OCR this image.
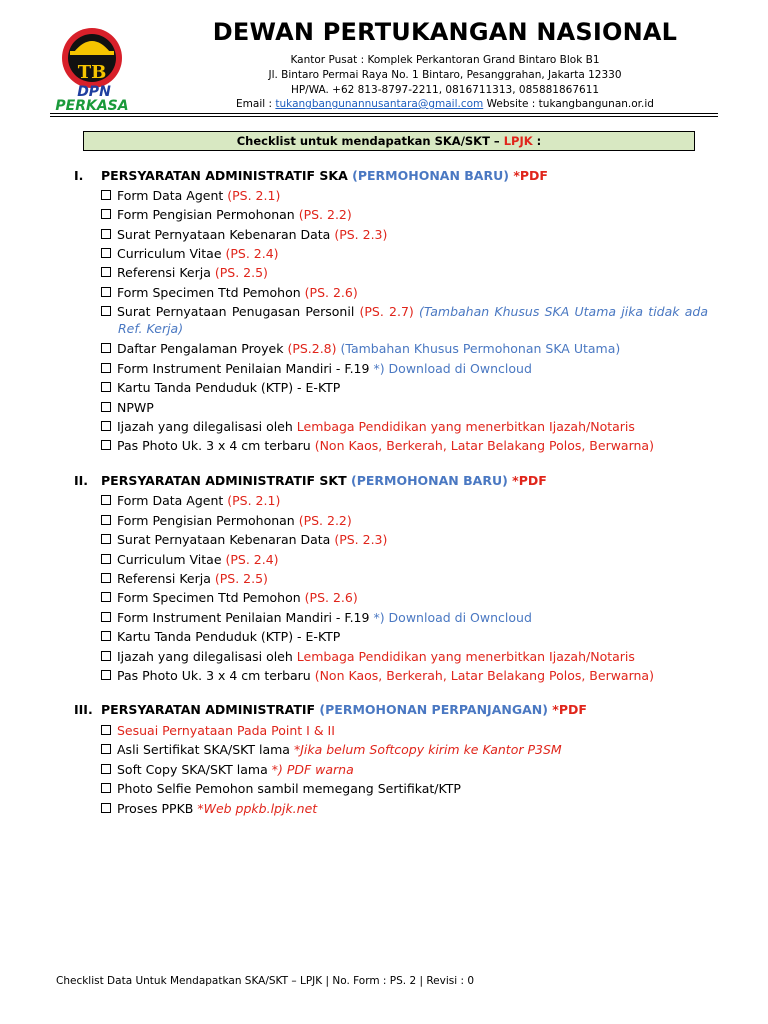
TB
DPN
PERKASA
DEWAN PERTUKANGAN NASIONAL
Kantor Pusat : Komplek Perkantoran Grand Bintaro Blok B1
Jl. Bintaro Permai Raya No. 1 Bintaro, Pesanggrahan, Jakarta 12330
HP/WA. +62 813-8797-2211, 0816711313, 085881867611
Email : tukangbangunannusantara@gmail.com Website : tukangbangunan.or.id
Checklist untuk mendapatkan SKA/SKT – LPJK :
I. PERSYARATAN ADMINISTRATIF SKA (PERMOHONAN BARU) *PDF
Form Data Agent (PS. 2.1)
Form Pengisian Permohonan (PS. 2.2)
Surat Pernyataan Kebenaran Data (PS. 2.3)
Curriculum Vitae (PS. 2.4)
Referensi Kerja (PS. 2.5)
Form Specimen Ttd Pemohon (PS. 2.6)
Surat Pernyataan Penugasan Personil (PS. 2.7) (Tambahan Khusus SKA Utama jika tidak ada Ref. Kerja)
Daftar Pengalaman Proyek (PS.2.8) (Tambahan Khusus Permohonan SKA Utama)
Form Instrument Penilaian Mandiri - F.19 *) Download di Owncloud
Kartu Tanda Penduduk (KTP) - E-KTP
NPWP
Ijazah yang dilegalisasi oleh Lembaga Pendidikan yang menerbitkan Ijazah/Notaris
Pas Photo Uk. 3 x 4 cm terbaru (Non Kaos, Berkerah, Latar Belakang Polos, Berwarna)
II. PERSYARATAN ADMINISTRATIF SKT (PERMOHONAN BARU) *PDF
Form Data Agent (PS. 2.1)
Form Pengisian Permohonan (PS. 2.2)
Surat Pernyataan Kebenaran Data (PS. 2.3)
Curriculum Vitae (PS. 2.4)
Referensi Kerja (PS. 2.5)
Form Specimen Ttd Pemohon (PS. 2.6)
Form Instrument Penilaian Mandiri - F.19 *) Download di Owncloud
Kartu Tanda Penduduk (KTP) - E-KTP
Ijazah yang dilegalisasi oleh Lembaga Pendidikan yang menerbitkan Ijazah/Notaris
Pas Photo Uk. 3 x 4 cm terbaru (Non Kaos, Berkerah, Latar Belakang Polos, Berwarna)
III. PERSYARATAN ADMINISTRATIF (PERMOHONAN PERPANJANGAN) *PDF
Sesuai Pernyataan Pada Point I & II
Asli Sertifikat SKA/SKT lama *Jika belum Softcopy kirim ke Kantor P3SM
Soft Copy SKA/SKT lama *) PDF warna
Photo Selfie Pemohon sambil memegang Sertifikat/KTP
Proses PPKB *Web ppkb.lpjk.net
Checklist Data Untuk Mendapatkan SKA/SKT – LPJK | No. Form : PS. 2 | Revisi : 0
